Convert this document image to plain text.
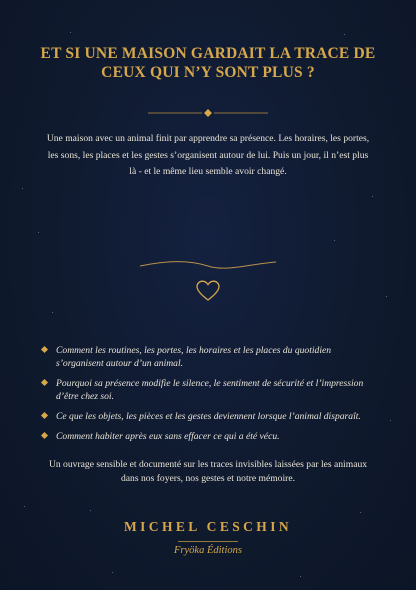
ET SI UNE MAISON GARDAIT LA TRACE DE
CEUX QUI N’Y SONT PLUS ?

Une maison avec un animal finit par apprendre sa présence. Les horaires, les portes, les sons, les places et les gestes s’organisent autour de lui. Puis un jour, il n’est plus là - et le même lieu semble avoir changé.

Comment les routines, les portes, les horaires et les places du quotidien s’organisent autour d’un animal.
Pourquoi sa présence modifie le silence, le sentiment de sécurité et l’impression d’être chez soi.
Ce que les objets, les pièces et les gestes deviennent lorsque l’animal disparaît.
Comment habiter après eux sans effacer ce qui a été vécu.

Un ouvrage sensible et documenté sur les traces invisibles laissées par les animaux dans nos foyers, nos gestes et notre mémoire.

MICHEL CESCHIN

Fryöka Éditions
